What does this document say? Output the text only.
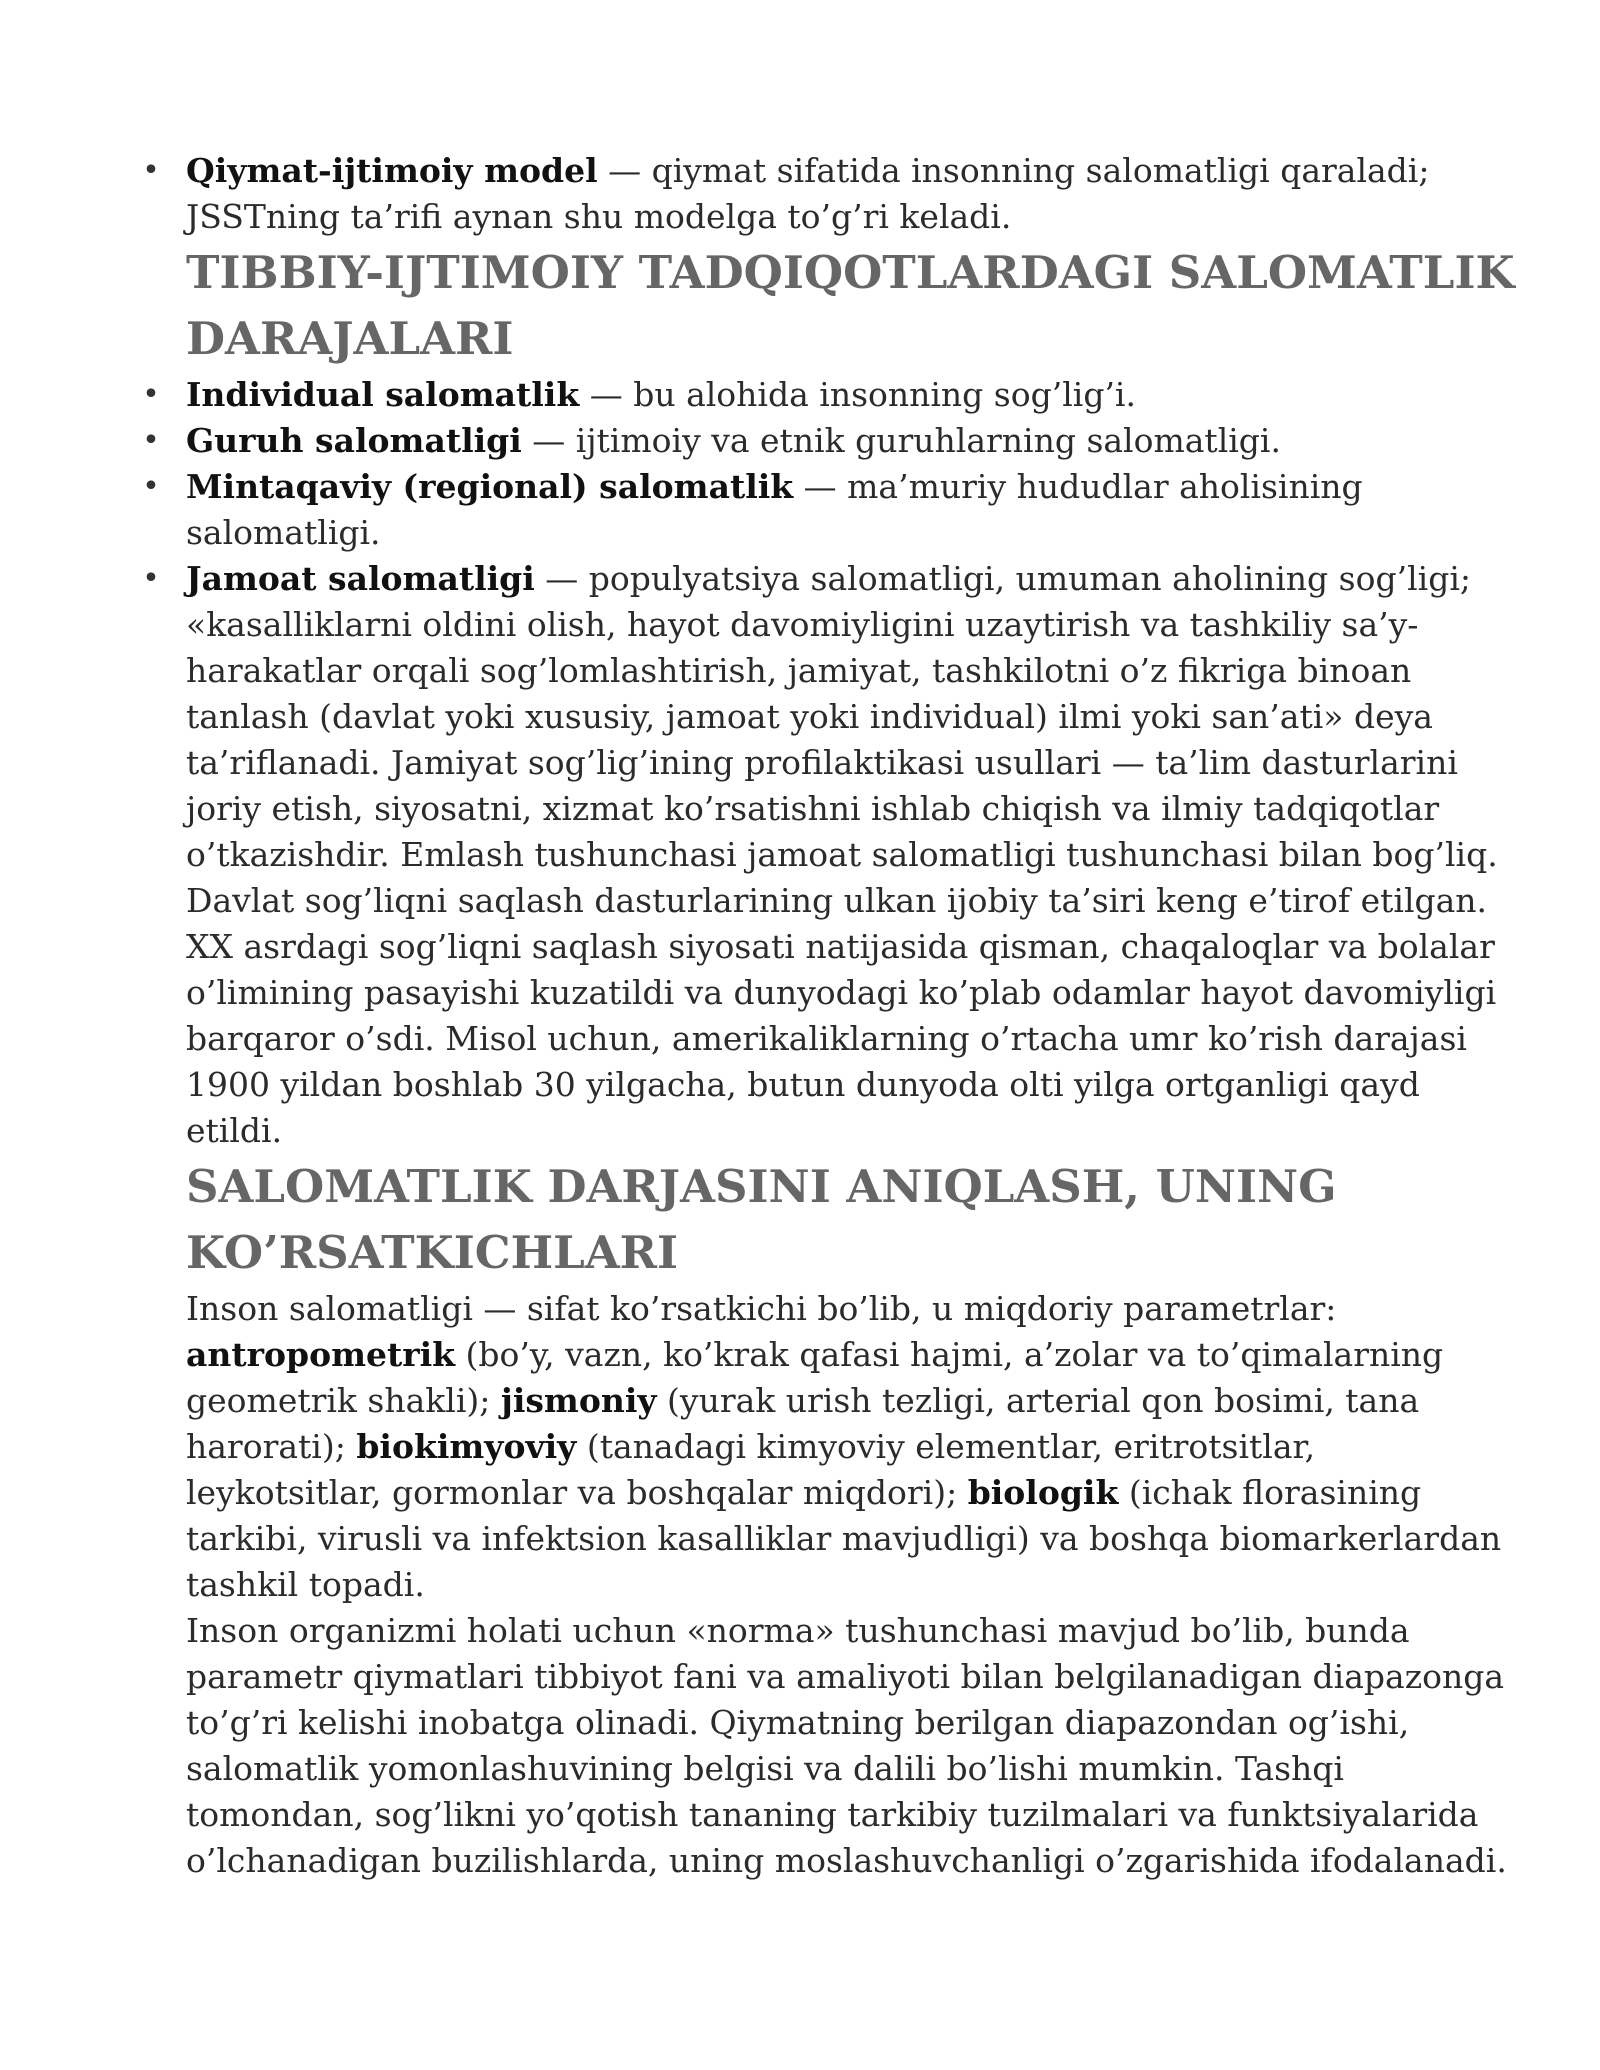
• Qiymat-ijtimoiy model — qiymat sifatida insonning salomatligi qaraladi; JSSTning ta’rifi aynan shu modelga to’g’ri keladi.
TIBBIY-IJTIMOIY TADQIQOTLARDAGI SALOMATLIK DARAJALARI
• Individual salomatlik — bu alohida insonning sog’lig’i.
• Guruh salomatligi — ijtimoiy va etnik guruhlarning salomatligi.
• Mintaqaviy (regional) salomatlik — ma’muriy hududlar aholisining salomatligi.
• Jamoat salomatligi — populyatsiya salomatligi, umuman aholining sog’ligi; «kasalliklarni oldini olish, hayot davomiyligini uzaytirish va tashkiliy sa’y-harakatlar orqali sog’lomlashtirish, jamiyat, tashkilotni o’z fikriga binoan tanlash (davlat yoki xususiy, jamoat yoki individual) ilmi yoki san’ati» deya ta’riflanadi. Jamiyat sog’lig’ining profilaktikasi usullari — ta’lim dasturlarini joriy etish, siyosatni, xizmat ko’rsatishni ishlab chiqish va ilmiy tadqiqotlar o’tkazishdir. Emlash tushunchasi jamoat salomatligi tushunchasi bilan bog’liq. Davlat sog’liqni saqlash dasturlarining ulkan ijobiy ta’siri keng e’tirof etilgan. XX asrdagi sog’liqni saqlash siyosati natijasida qisman, chaqaloqlar va bolalar o’limining pasayishi kuzatildi va dunyodagi ko’plab odamlar hayot davomiyligi barqaror o’sdi. Misol uchun, amerikaliklarning o’rtacha umr ko’rish darajasi 1900 yildan boshlab 30 yilgacha, butun dunyoda olti yilga ortganligi qayd etildi.
SALOMATLIK DARJASINI ANIQLASH, UNING KO’RSATKICHLARI

Inson salomatligi — sifat ko’rsatkichi bo’lib, u miqdoriy parametrlar: antropometrik (bo’y, vazn, ko’krak qafasi hajmi, a’zolar va to’qimalarning geometrik shakli); jismoniy (yurak urish tezligi, arterial qon bosimi, tana harorati); biokimyoviy (tanadagi kimyoviy elementlar, eritrotsitlar, leykotsitlar, gormonlar va boshqalar miqdori); biologik (ichak florasining tarkibi, virusli va infektsion kasalliklar mavjudligi) va boshqa biomarkerlardan tashkil topadi.

Inson organizmi holati uchun «norma» tushunchasi mavjud bo’lib, bunda parametr qiymatlari tibbiyot fani va amaliyoti bilan belgilanadigan diapazonga to’g’ri kelishi inobatga olinadi. Qiymatning berilgan diapazondan og’ishi, salomatlik yomonlashuvining belgisi va dalili bo’lishi mumkin. Tashqi tomondan, sog’likni yo’qotish tananing tarkibiy tuzilmalari va funktsiyalarida o’lchanadigan buzilishlarda, uning moslashuvchanligi o’zgarishida ifodalanadi.
